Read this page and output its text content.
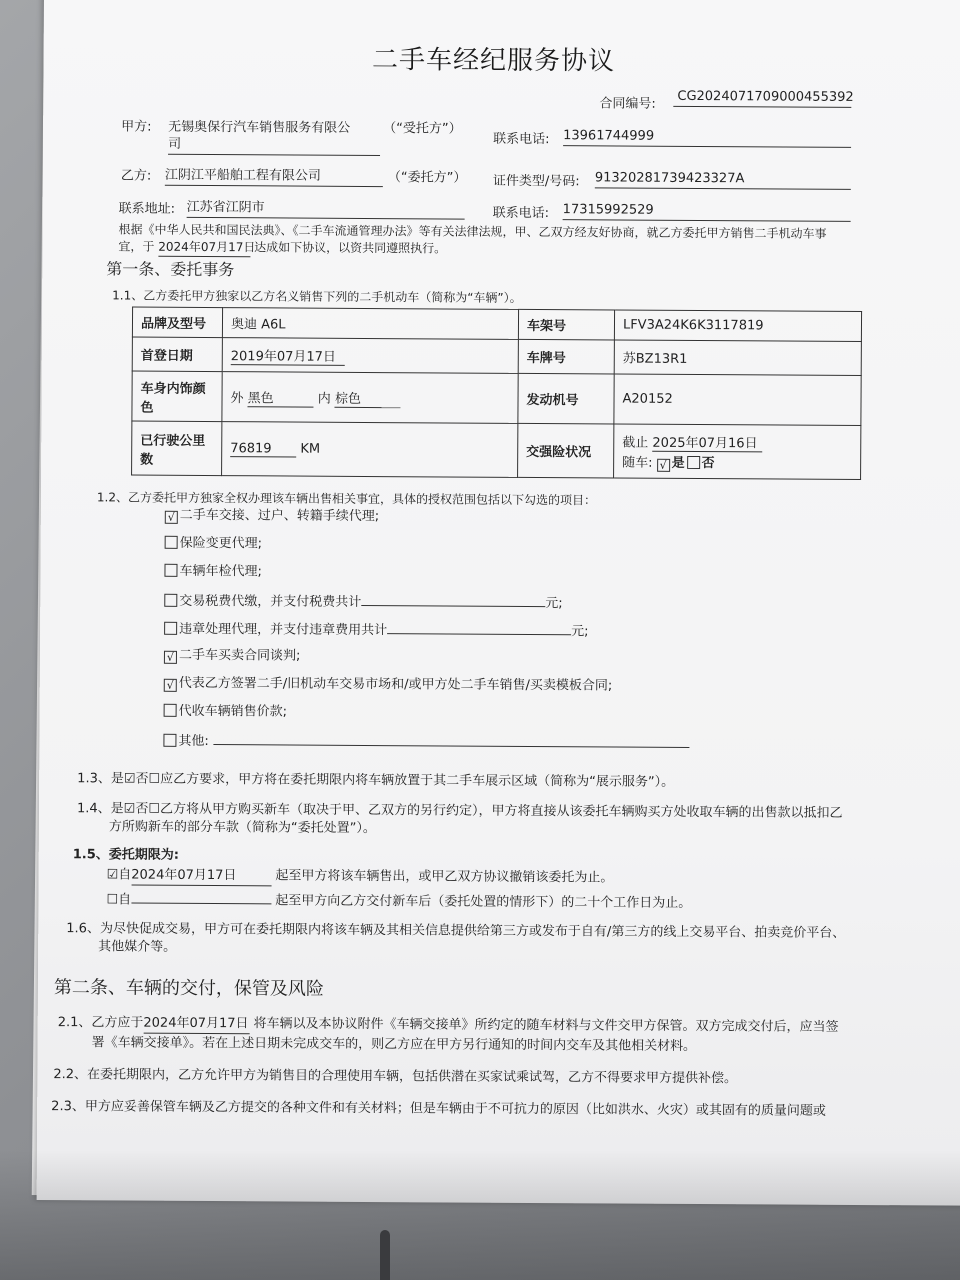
二手车经纪服务协议
合同编号:	CG2024071709000455392
甲方: 无锡奥保行汽车销售服务有限公
司
（“受托方”）
联系电话: 13961744999
乙方: 江阴江平船舶工程有限公司	（“委托方”） 证件类型/号码: 91320281739423327A
联系地址: 江苏省江阴市	联系电话: 17315992529
根据《中华人民共和国民法典》、《二手车流通管理办法》等有关法律法规，甲、乙双方经友好协商，就乙方委托甲方销售二手机动车事
宜，于 2024年07月17日 达成如下协议，以资共同遵照执行。
第一条、委托事务
1.1、乙方委托甲方独家以乙方名义销售下列的二手机动车（简称为“车辆”）。
品牌及型号	奥迪 A6L	车架号	LFV3A24K6K3117819
首登日期	2019年07月17日	车牌号	苏BZ13R1
车身内饰颜色	外 黑色 内 棕色	发动机号	A20152
已行驶公里数	76819 KM	交强险状况	截止 2025年07月16日
随车: √ 是 否
1.2、乙方委托甲方独家全权办理该车辆出售相关事宜，具体的授权范围包括以下勾选的项目：
√ 二手车交接、过户、转籍手续代理;
保险变更代理;
车辆年检代理;
交易税费代缴，并支付税费共计	元;
违章处理代理，并支付违章费用共计	元;
√ 二手车买卖合同谈判;
√ 代表乙方签署二手/旧机动车交易市场和/或甲方处二手车销售/买卖模板合同;
代收车辆销售价款;
其他:
1.3、是☑否☐应乙方要求，甲方将在委托期限内将车辆放置于其二手车展示区域（简称为“展示服务”）。
1.4、是☑否☐乙方将从甲方购买新车（取决于甲、乙双方的另行约定），甲方将直接从该委托车辆购买方处收取车辆的出售款以抵扣乙
方所购新车的部分车款（简称为“委托处置”）。
1.5、委托期限为:
☑自2024年07月17日	起至甲方将该车辆售出，或甲乙双方协议撤销该委托为止。
☐自	起至甲方向乙方交付新车后（委托处置的情形下）的二十个工作日为止。
1.6、为尽快促成交易，甲方可在委托期限内将该车辆及其相关信息提供给第三方或发布于自有/第三方的线上交易平台、拍卖竞价平台、
其他媒介等。
第二条、车辆的交付，保管及风险
2.1、乙方应于2024年07月17日 将车辆以及本协议附件《车辆交接单》所约定的随车材料与文件交甲方保管。双方完成交付后，应当签
署《车辆交接单》。若在上述日期未完成交车的，则乙方应在甲方另行通知的时间内交车及其他相关材料。
2.2、在委托期限内，乙方允许甲方为销售目的合理使用车辆，包括供潜在买家试乘试驾，乙方不得要求甲方提供补偿。
2.3、甲方应妥善保管车辆及乙方提交的各种文件和有关材料；但是车辆由于不可抗力的原因（比如洪水、火灾）或其固有的质量问题或
